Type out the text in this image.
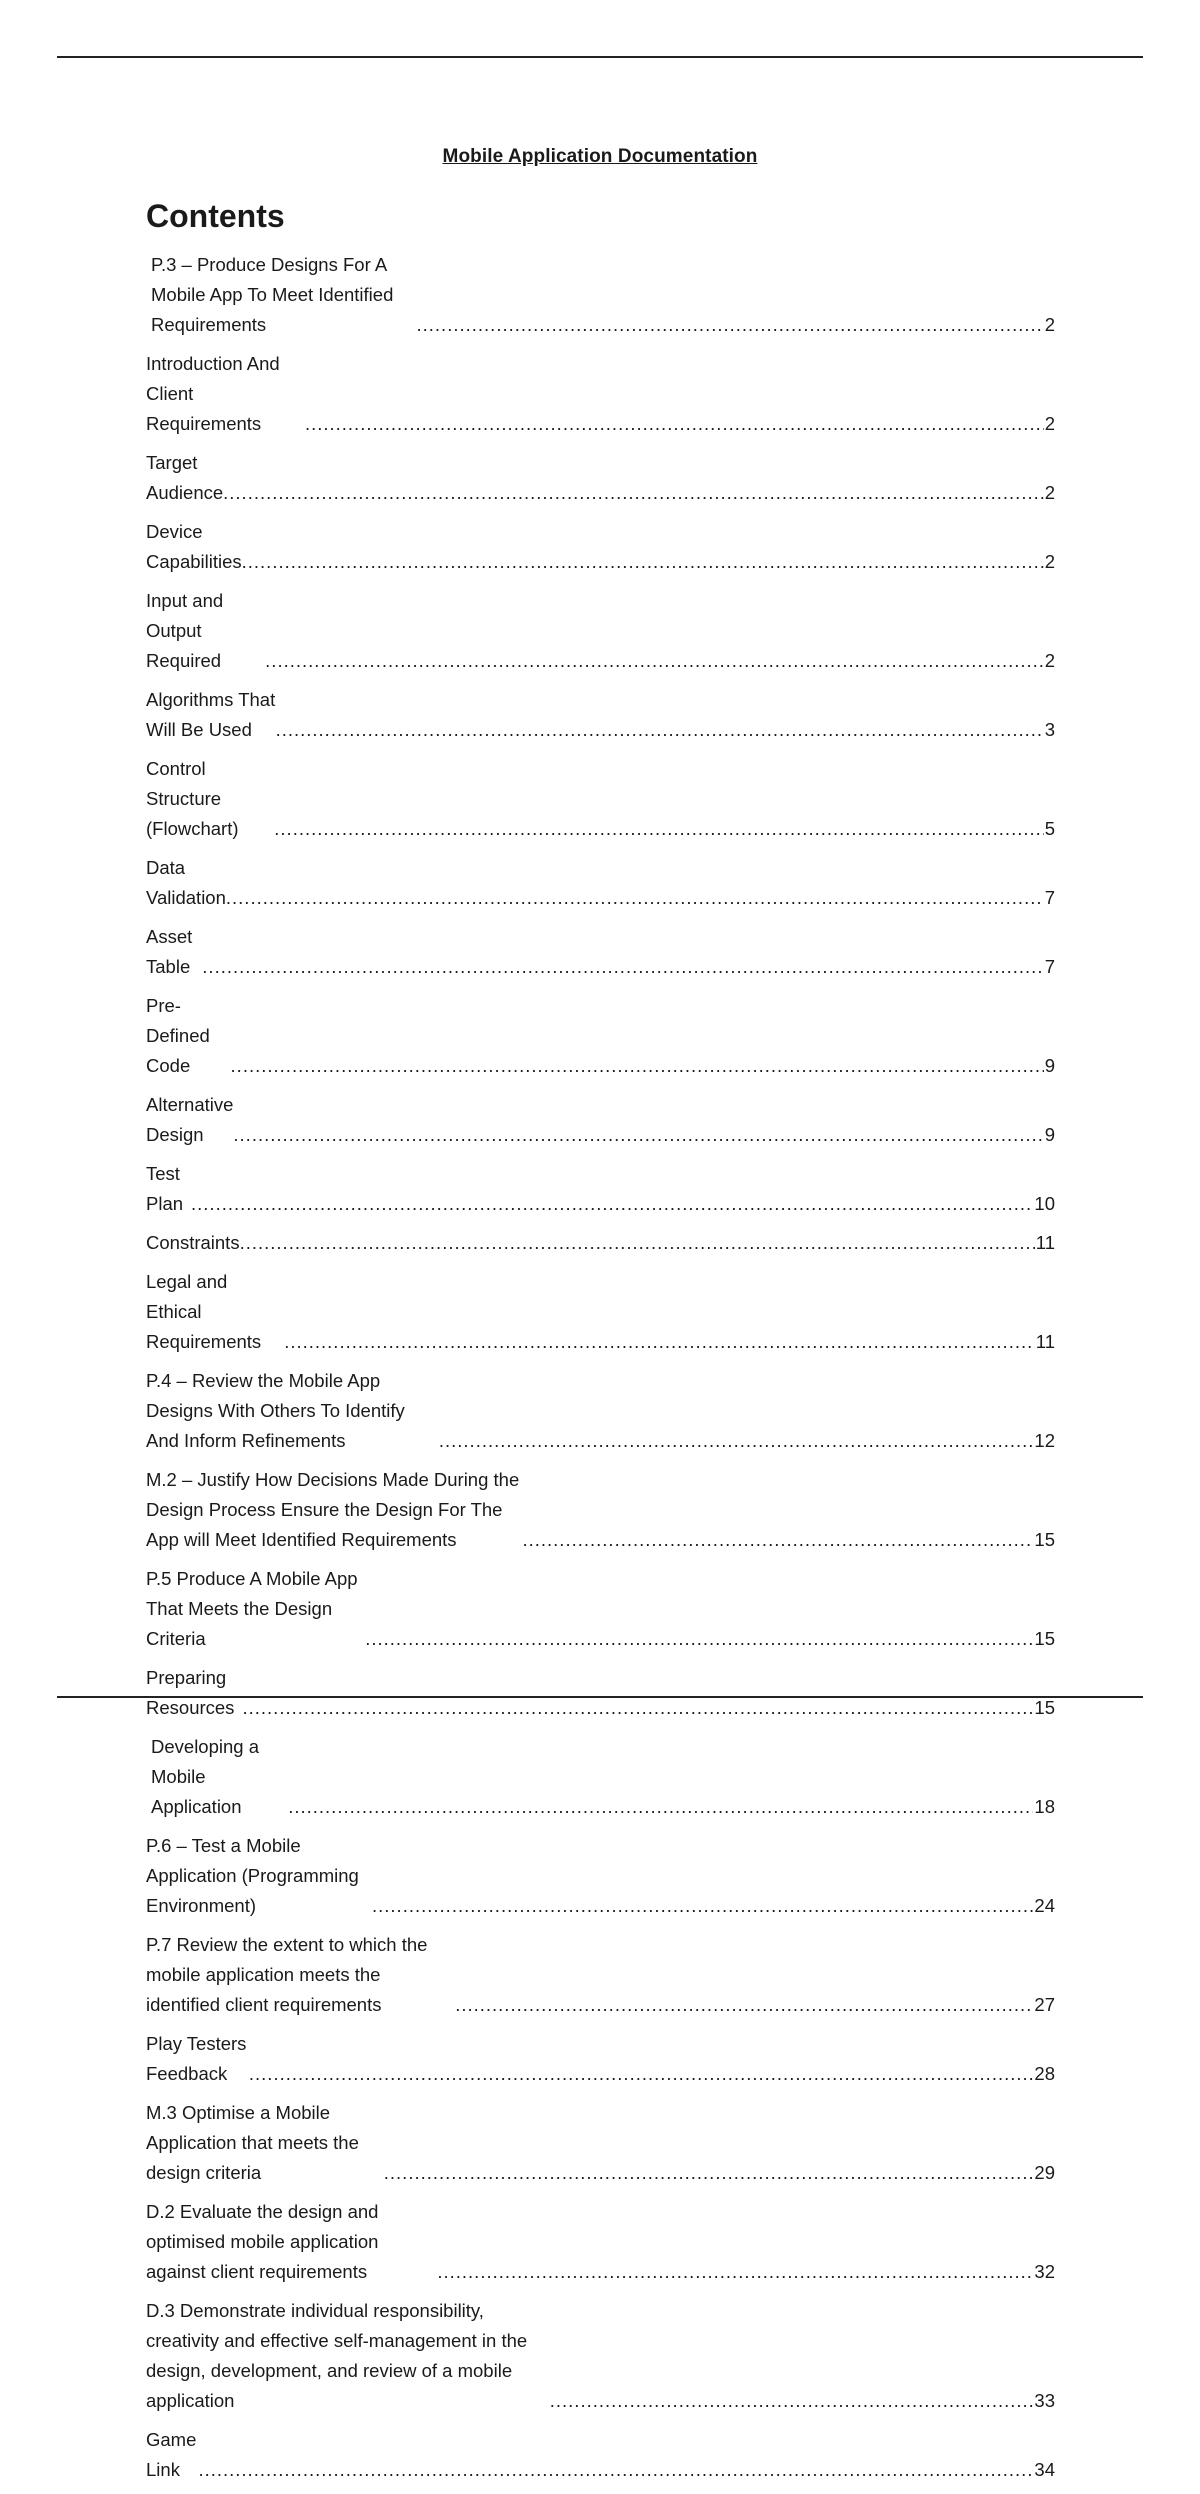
Mobile Application Documentation
Contents
P.3 – Produce Designs For A Mobile App To Meet Identified Requirements .....	2
Introduction And Client Requirements .....	2
Target Audience .....	2
Device Capabilities .....	2
Input and Output Required .....	2
Algorithms That Will Be Used .....	3
Control Structure (Flowchart) .....	5
Data Validation .....	7
Asset Table .....	7
Pre-Defined Code .....	9
Alternative Design .....	9
Test Plan .....	10
Constraints .....	11
Legal and Ethical Requirements .....	11
P.4 – Review the Mobile App Designs With Others To Identify And Inform Refinements .....	12
M.2 – Justify How Decisions Made During the Design Process Ensure the Design For The App will Meet Identified Requirements .....	15
P.5 Produce A Mobile App That Meets the Design Criteria .....	15
Preparing Resources .....	15
Developing a Mobile Application .....	18
P.6 – Test a Mobile Application (Programming Environment) .....	24
P.7 Review the extent to which the mobile application meets the identified client requirements .....	27
Play Testers Feedback .....	28
M.3 Optimise a Mobile Application that meets the design criteria .....	29
D.2 Evaluate the design and optimised mobile application against client requirements .....	32
D.3 Demonstrate individual responsibility, creativity and effective self-management in the design, development, and review of a mobile application .....	33
Game Link .....	34
